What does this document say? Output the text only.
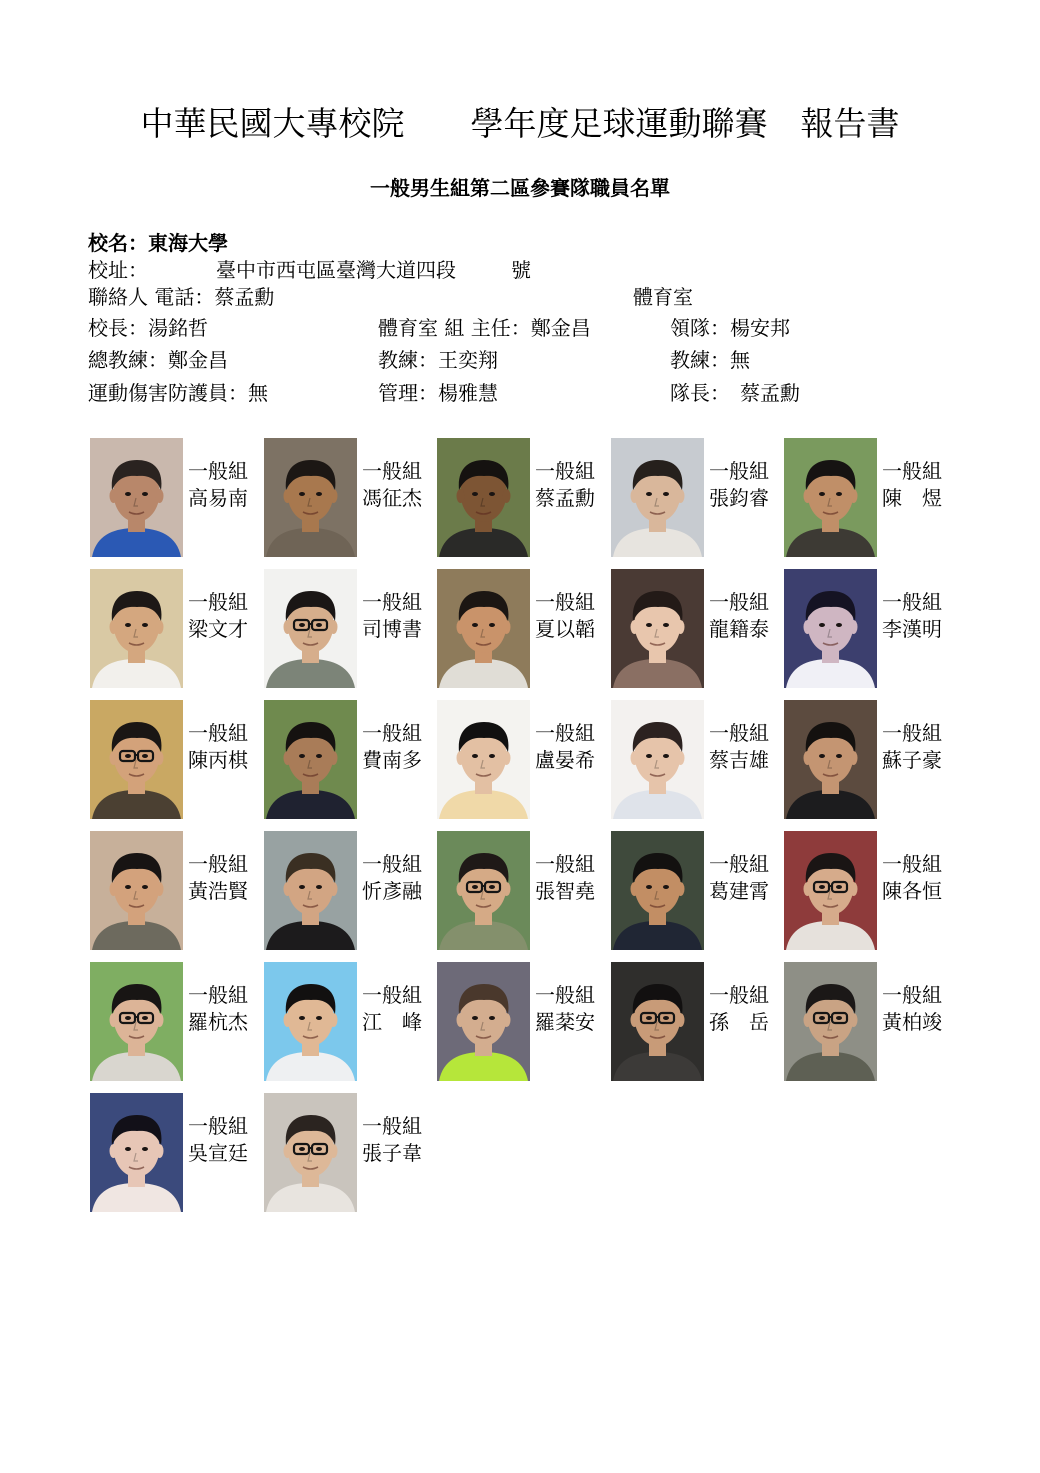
中華民國大專校院　　學年度足球運動聯賽　報告書
一般男生組第二區參賽隊職員名單
校名：東海大學
校址：	臺中市西屯區臺灣大道四段	號
聯絡人 電話：蔡孟勳	體育室
校長：湯銘哲	體育室 組 主任：鄭金昌	領隊：楊安邦
總教練：鄭金昌	教練：王奕翔	教練：無
運動傷害防護員：無	管理：楊雅慧	隊長：　蔡孟勳
一般組
高易南
一般組
馮征杰
一般組
蔡孟勳
一般組
張鈞睿
一般組
陳　煜
一般組
梁文才
一般組
司博書
一般組
夏以韜
一般組
龍籍泰
一般組
李漢明
一般組
陳丙棋
一般組
費南多
一般組
盧晏希
一般組
蔡吉雄
一般組
蘇子豪
一般組
黃浩賢
一般組
忻彥融
一般組
張智堯
一般組
葛建霄
一般組
陳各恒
一般組
羅杭杰
一般組
江　峰
一般組
羅棻安
一般組
孫　岳
一般組
黃柏竣
一般組
吳宣廷
一般組
張子韋
